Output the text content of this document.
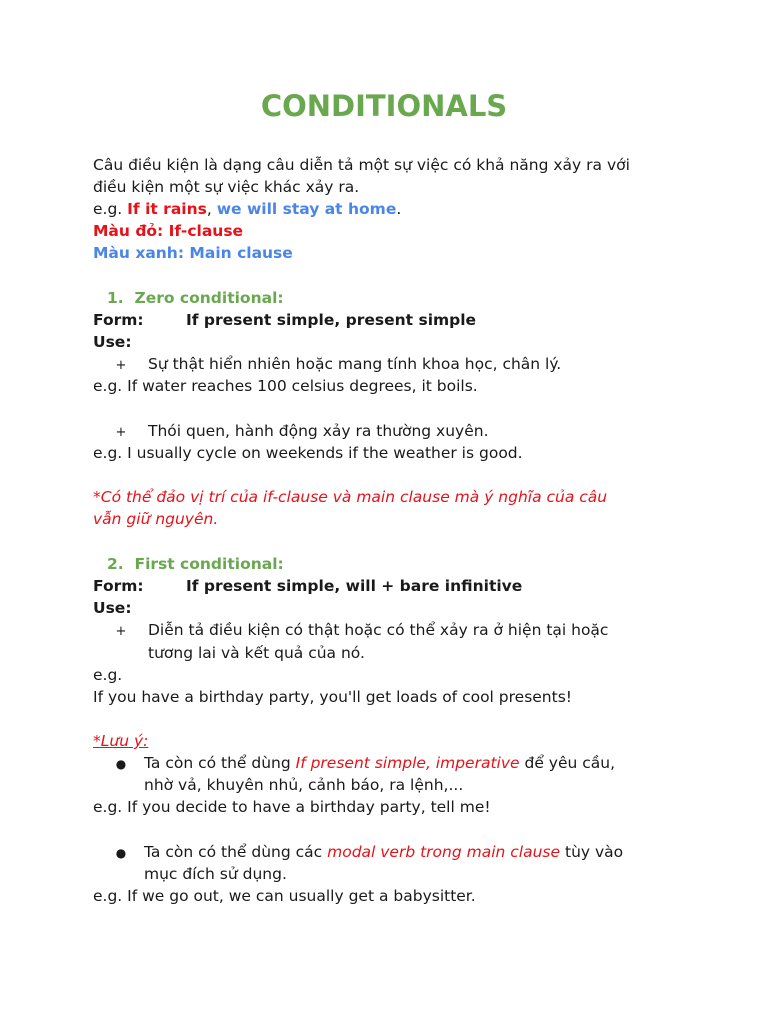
CONDITIONALS
Câu điều kiện là dạng câu diễn tả một sự việc có khả năng xảy ra với
điều kiện một sự việc khác xảy ra.
e.g. If it rains, we will stay at home.
Màu đỏ: If-clause
Màu xanh: Main clause
1. Zero conditional:
Form:	If present simple, present simple
Use:
+ Sự thật hiển nhiên hoặc mang tính khoa học, chân lý.
e.g. If water reaches 100 celsius degrees, it boils.
+ Thói quen, hành động xảy ra thường xuyên.
e.g. I usually cycle on weekends if the weather is good.
*Có thể đảo vị trí của if-clause và main clause mà ý nghĩa của câu
vẫn giữ nguyên.
2. First conditional:
Form:	If present simple, will + bare infinitive
Use:
+ Diễn tả điều kiện có thật hoặc có thể xảy ra ở hiện tại hoặc
tương lai và kết quả của nó.
e.g.
If you have a birthday party, you'll get loads of cool presents!
*Lưu ý:
● Ta còn có thể dùng If present simple, imperative để yêu cầu,
nhờ vả, khuyên nhủ, cảnh báo, ra lệnh,...
e.g. If you decide to have a birthday party, tell me!
● Ta còn có thể dùng các modal verb trong main clause tùy vào
mục đích sử dụng.
e.g. If we go out, we can usually get a babysitter.
